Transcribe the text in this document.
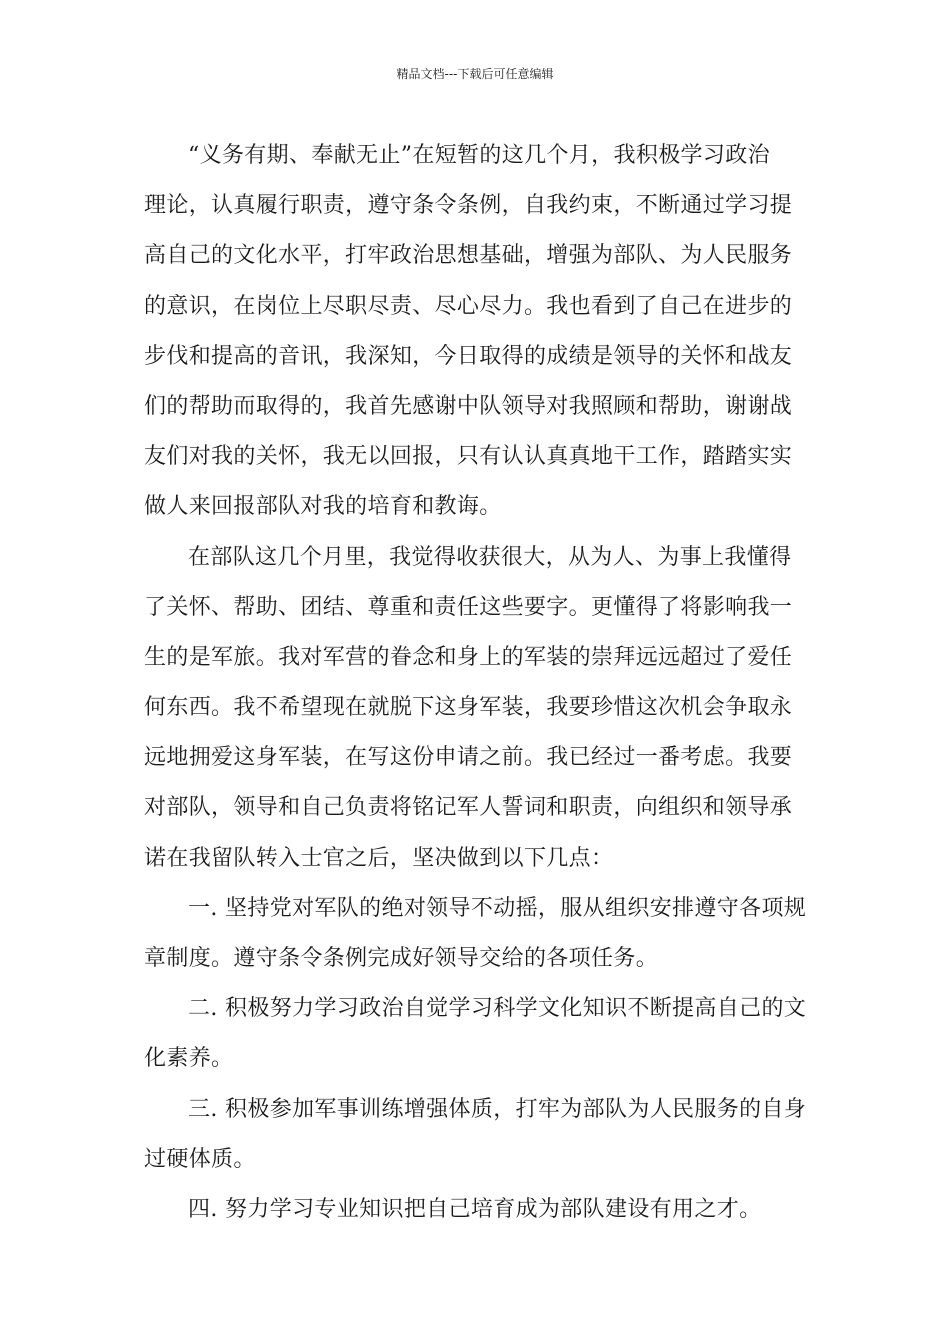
精品文档---下载后可任意编辑
“义务有期、奉献无止”在短暂的这几个月，我积极学习政治
理论，认真履行职责，遵守条令条例，自我约束，不断通过学习提
高自己的文化水平，打牢政治思想基础，增强为部队、为人民服务
的意识，在岗位上尽职尽责、尽心尽力。我也看到了自己在进步的
步伐和提高的音讯，我深知，今日取得的成绩是领导的关怀和战友
们的帮助而取得的，我首先感谢中队领导对我照顾和帮助，谢谢战
友们对我的关怀，我无以回报，只有认认真真地干工作，踏踏实实
做人来回报部队对我的培育和教诲。
在部队这几个月里，我觉得收获很大，从为人、为事上我懂得
了关怀、帮助、团结、尊重和责任这些要字。更懂得了将影响我一
生的是军旅。我对军营的眷念和身上的军装的崇拜远远超过了爱任
何东西。我不希望现在就脱下这身军装，我要珍惜这次机会争取永
远地拥爱这身军装，在写这份申请之前。我已经过一番考虑。我要
对部队，领导和自己负责将铭记军人誓词和职责，向组织和领导承
诺在我留队转入士官之后，坚决做到以下几点：
一. 坚持党对军队的绝对领导不动摇，服从组织安排遵守各项规
章制度。遵守条令条例完成好领导交给的各项任务。
二. 积极努力学习政治自觉学习科学文化知识不断提高自己的文
化素养。
三. 积极参加军事训练增强体质，打牢为部队为人民服务的自身
过硬体质。
四. 努力学习专业知识把自己培育成为部队建设有用之才。
